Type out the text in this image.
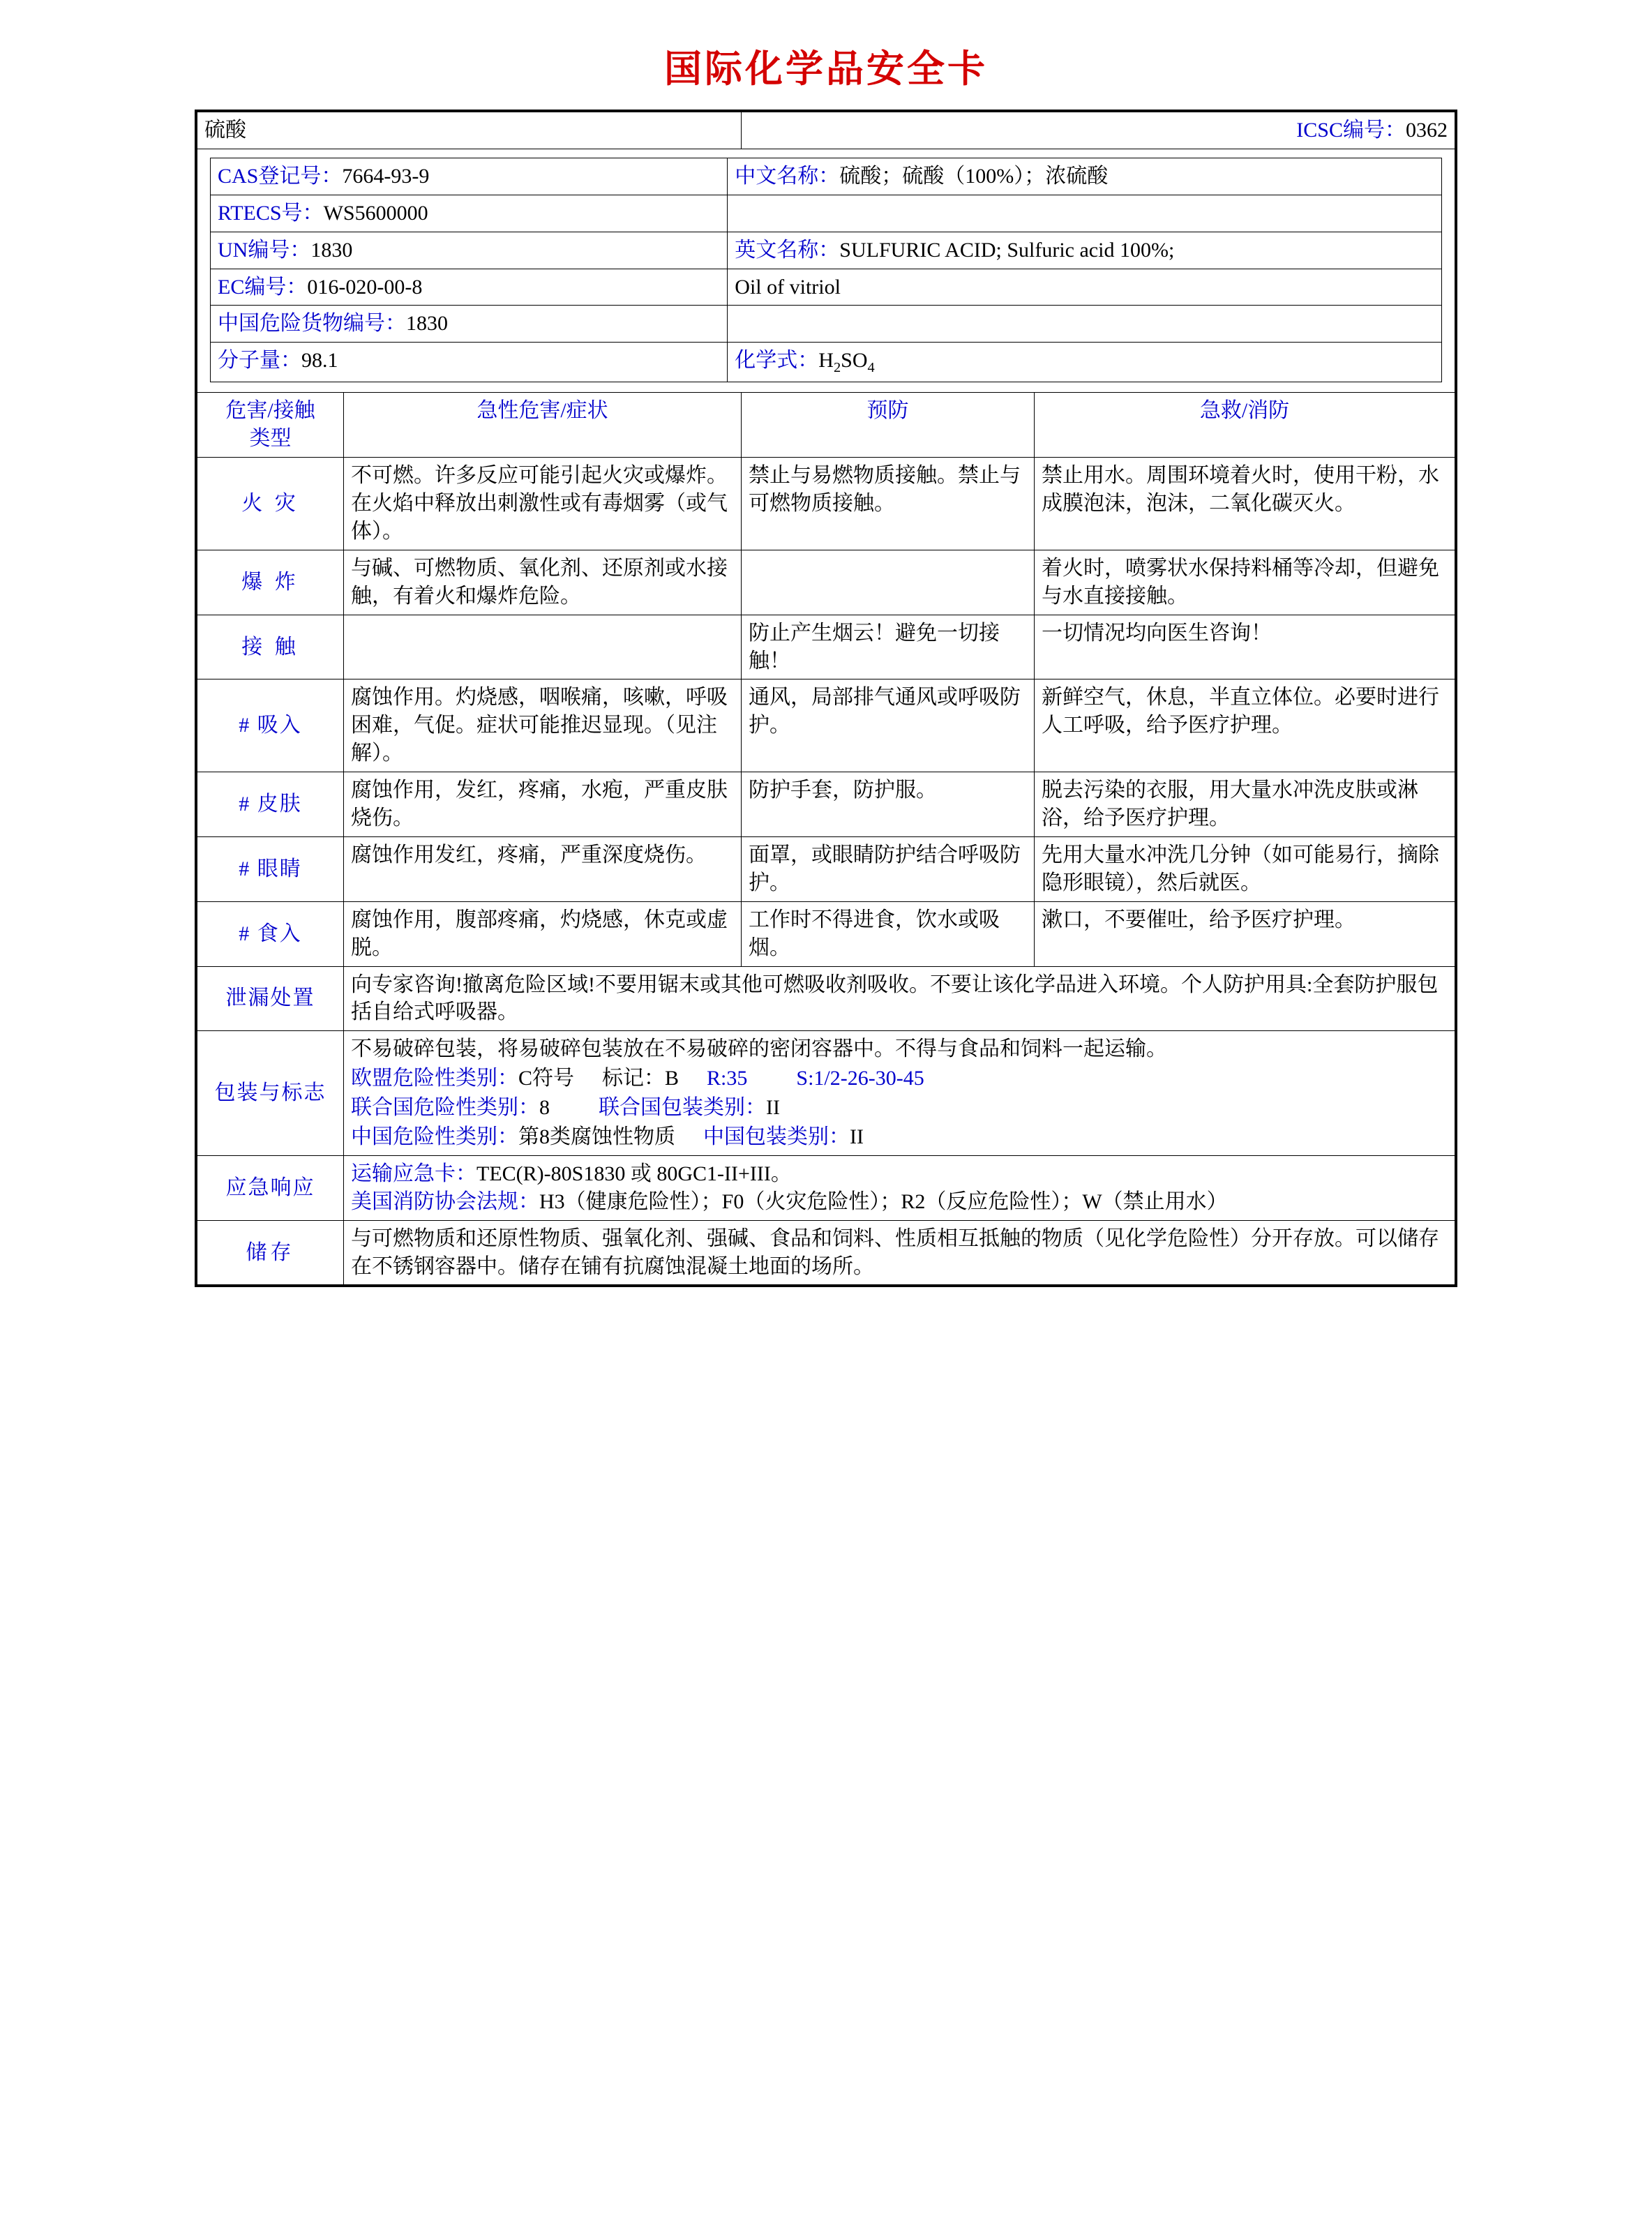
国际化学品安全卡
硫酸	ICSC编号：0362

CAS登记号：7664-93-9	中文名称：硫酸；硫酸（100%）；浓硫酸
RTECS号：WS5600000	
UN编号：1830	英文名称：SULFURIC ACID; Sulfuric acid 100%;
EC编号：016-020-00-8	Oil of vitriol
中国危险货物编号：1830	
分子量：98.1	化学式：$H_2SO_4$

危害/接触
类型
	急性危害/症状	预防	急救/消防
火 灾	不可燃。许多反应可能引起火灾或爆炸。在火焰中释放出刺激性或有毒烟雾（或气体）。	禁止与易燃物质接触。禁止与可燃物质接触。	禁止用水。周围环境着火时，使用干粉，水成膜泡沫，泡沫，二氧化碳灭火。
爆 炸	与碱、可燃物质、氧化剂、还原剂或水接触，有着火和爆炸危险。		着火时，喷雾状水保持料桶等冷却，但避免与水直接接触。
接 触		防止产生烟云！避免一切接触！	一切情况均向医生咨询！
# 吸入	腐蚀作用。灼烧感，咽喉痛，咳嗽，呼吸困难，气促。症状可能推迟显现。（见注解）。	通风，局部排气通风或呼吸防护。	新鲜空气，休息，半直立体位。必要时进行人工呼吸，给予医疗护理。
# 皮肤	腐蚀作用，发红，疼痛，水疱，严重皮肤烧伤。	防护手套，防护服。	脱去污染的衣服，用大量水冲洗皮肤或淋浴，给予医疗护理。
# 眼睛	腐蚀作用发红，疼痛，严重深度烧伤。	面罩，或眼睛防护结合呼吸防护。	先用大量水冲洗几分钟（如可能易行，摘除隐形眼镜），然后就医。
# 食入	腐蚀作用，腹部疼痛，灼烧感，休克或虚脱。	工作时不得进食，饮水或吸烟。	漱口，不要催吐，给予医疗护理。
泄漏处置	向专家咨询!撤离危险区域!不要用锯末或其他可燃吸收剂吸收。不要让该化学品进入环境。个人防护用具:全套防护服包括自给式呼吸器。
包装与标志	
不易破碎包装，将易破碎包装放在不易破碎的密闭容器中。不得与食品和饲料一起运输。
欧盟危险性类别：C符号 标记：B R:35 S:1/2-26-30-45
联合国危险性类别：8 联合国包装类别：II
中国危险性类别：第8类腐蚀性物质 中国包装类别：II

应急响应	
运输应急卡：TEC(R)-80S1830 或 80GC1-II+III。
美国消防协会法规：H3（健康危险性）；F0（火灾危险性）；R2（反应危险性）；W（禁止用水）

储存	与可燃物质和还原性物质、强氧化剂、强碱、食品和饲料、性质相互抵触的物质（见化学危险性）分开存放。可以储存在不锈钢容器中。储存在铺有抗腐蚀混凝土地面的场所。
